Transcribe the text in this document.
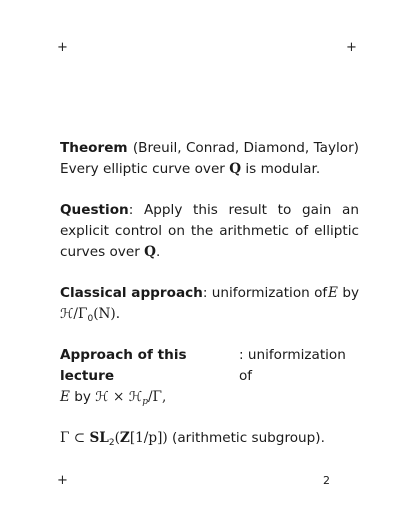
+	+
+	2

Theorem (Breuil, Conrad, Diamond, Taylor)

Every elliptic curve over Q is modular.

Question: Apply this result to gain an explicit control on the arithmetic of elliptic curves over Q.

Classical approach: uniformization of E by

$ℋ/\Gamma_0(N)$.

Approach of this lecture
: uniformization of

E by ℋ × ℋ$_p$/Γ,

Γ ⊂ $SL_2(Z[1/p])$ (arithmetic subgroup).
